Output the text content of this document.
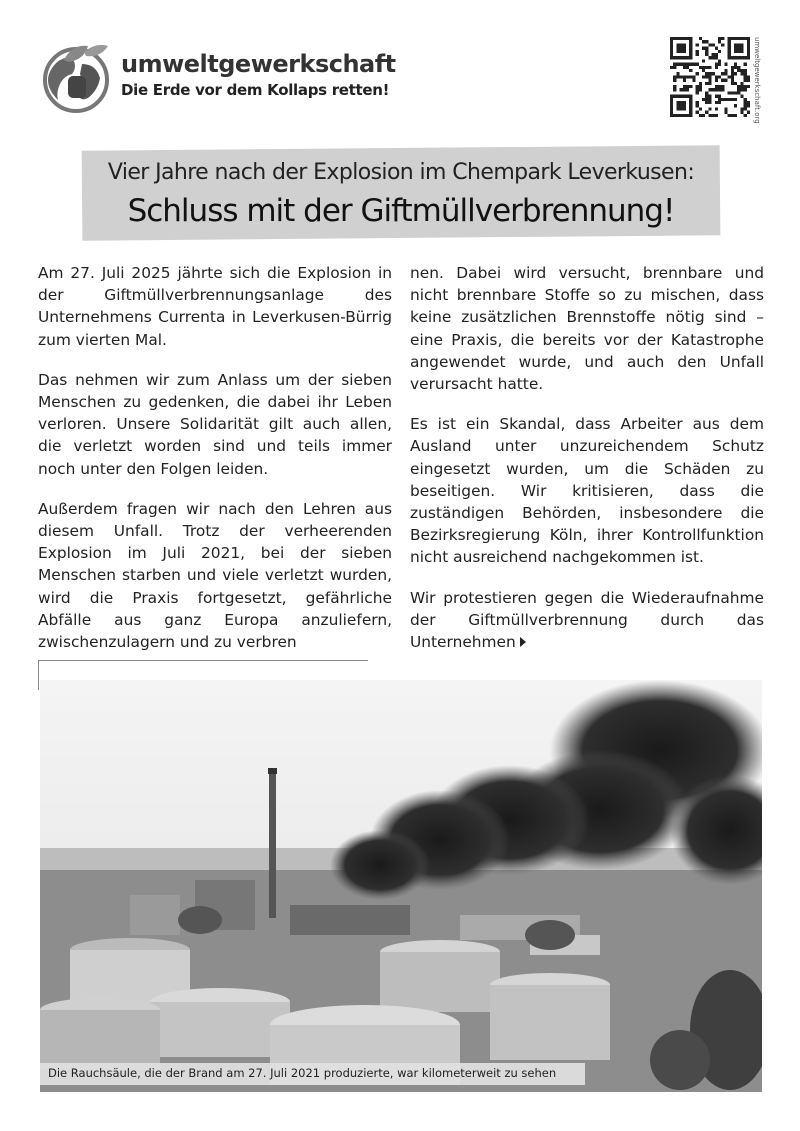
umweltgewerkschaft
Die Erde vor dem Kollaps retten!	umweltgewerkschaft.org
Vier Jahre nach der Explosion im Chempark Leverkusen:
Schluss mit der Giftmüllverbrennung!

Am 27. Juli 2025 jährte sich die Explosion in der Giftmüllverbrennungsanlage des Unternehmens Currenta in Leverkusen-Bürrig zum vierten Mal.

Das nehmen wir zum Anlass um der sieben Menschen zu gedenken, die dabei ihr Leben verloren. Unsere Solidarität gilt auch allen, die verletzt worden sind und teils immer noch unter den Folgen leiden.

Außerdem fragen wir nach den Lehren aus diesem Unfall. Trotz der verheerenden Explosion im Juli 2021, bei der sieben Menschen starben und viele verletzt wurden, wird die Praxis fortgesetzt, gefährliche Abfälle aus ganz Europa anzuliefern, zwischenzulagern und zu verbren

nen. Dabei wird versucht, brennbare und nicht brennbare Stoffe so zu mischen, dass keine zusätzlichen Brennstoffe nötig sind – eine Praxis, die bereits vor der Katastrophe angewendet wurde, und auch den Unfall verursacht hatte.

Es ist ein Skandal, dass Arbeiter aus dem Ausland unter unzureichendem Schutz eingesetzt wurden, um die Schäden zu beseitigen. Wir kritisieren, dass die zuständigen Behörden, insbesondere die Bezirksregierung Köln, ihrer Kontrollfunktion nicht ausreichend nachgekommen ist.

Wir protestieren gegen die Wiederaufnahme der Giftmüllverbrennung durch das Unternehmen

Die Rauchsäule, die der Brand am 27. Juli 2021 produzierte, war kilometerweit zu sehen
